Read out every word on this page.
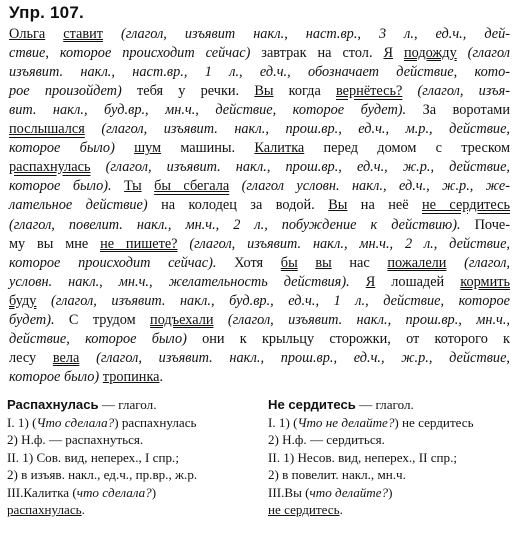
Упр. 107.
Ольга ставит (глагол, изъявит накл., наст.вр., 3 л., ед.ч., дей-
ствие, которое происходит сейчас) завтрак на стол. Я подожду (глагол
изъявит. накл., наст.вр., 1 л., ед.ч., обозначает действие, кото-
рое произойдет) тебя у речки. Вы когда вернётесь? (глагол, изъя-
вит. накл., буд.вр., мн.ч., действие, которое будет). За воротами
послышался (глагол, изъявит. накл., прош.вр., ед.ч., м.р., действие,
которое было) шум машины. Калитка перед домом с треском
распахнулась (глагол, изъявит. накл., прош.вр., ед.ч., ж.р., действие,
которое было). Ты бы сбегала (глагол условн. накл., ед.ч., ж.р., же-
лательное действие) на колодец за водой. Вы на неё не сердитесь
(глагол, повелит. накл., мн.ч., 2 л., побуждение к действию). Поче-
му вы мне не пишете? (глагол, изъявит. накл., мн.ч., 2 л., действие,
которое происходит сейчас). Хотя бы вы нас пожалели (глагол,
условн. накл., мн.ч., желательность действия). Я лошадей кормить
буду (глагол, изъявит. накл., буд.вр., ед.ч., 1 л., действие, которое
будет). С трудом подъехали (глагол, изъявит. накл., прош.вр., мн.ч.,
действие, которое было) они к крыльцу сторожки, от которого к
лесу вела (глагол, изъявит. накл., прош.вр., ед.ч., ж.р., действие,
которое было) тропинка.
Распахнулась — глагол.
I. 1) (Что сделала?) распахнулась
2) Н.ф. — распахнуться.
II. 1) Сов. вид, неперех., I спр.;
2) в изъяв. накл., ед.ч., пр.вр., ж.р.
III.Калитка (что сделала?)
распахнулась.
Не сердитесь — глагол.
I. 1) (Что не делайте?) не сердитесь
2) Н.ф. — сердиться.
II. 1) Несов. вид, неперех., II спр.;
2) в повелит. накл., мн.ч.
III.Вы (что делайте?)
не сердитесь.
